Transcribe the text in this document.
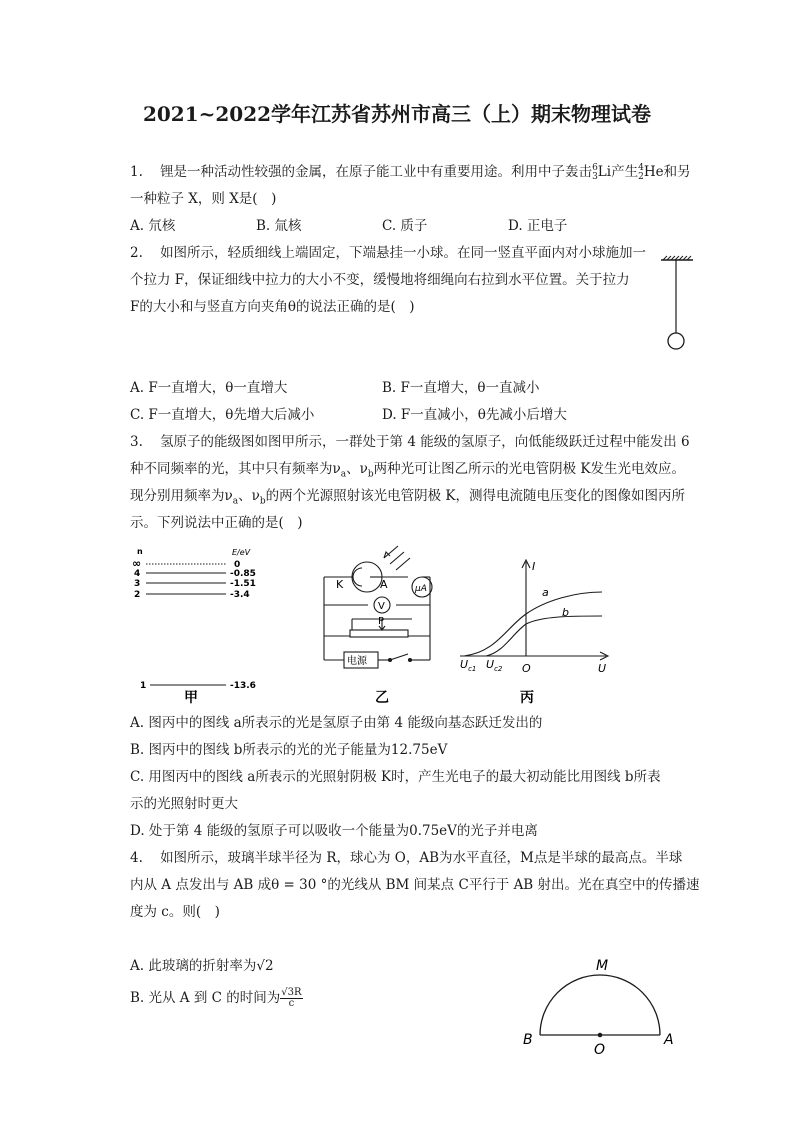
2021~2022学年江苏省苏州市高三（上）期末物理试卷
1. 锂是一种活动性较强的金属，在原子能工业中有重要用途。利用中子轰击6
3Li产生4
2He和另
一种粒子 X，则 X是(　)
A. 氘核	B. 氚核	C. 质子	D. 正电子
2. 如图所示，轻质细线上端固定，下端悬挂一小球。在同一竖直平面内对小球施加一
个拉力 F，保证细线中拉力的大小不变，缓慢地将细绳向右拉到水平位置。关于拉力
F的大小和与竖直方向夹角θ的说法正确的是(　)
A. F一直增大，θ一直增大	B. F一直增大，θ一直减小
C. F一直增大，θ先增大后减小	D. F一直减小，θ先减小后增大
3. 氢原子的能级图如图甲所示，一群处于第 4 能级的氢原子，向低能级跃迁过程中能发出 6
种不同频率的光，其中只有频率为$\nu_a$、$\nu_b$两种光可让图乙所示的光电管阴极 K发生光电效应。
现分别用频率为$\nu_a$、$\nu_b$的两个光源照射该光电管阴极 K，测得电流随电压变化的图像如图丙所
示。下列说法中正确的是(　)
n	E/eV
∞	0
4	-0.85
3	-1.51
2	-3.4
1	-13.6
甲
K	A	μA
V
P
电源
乙
I
U
O
a
b
$U_{c1}$ $U_{c2}$
丙
A. 图丙中的图线 a所表示的光是氢原子由第 4 能级向基态跃迁发出的
B. 图丙中的图线 b所表示的光的光子能量为12.75eV
C. 用图丙中的图线 a所表示的光照射阴极 K时，产生光电子的最大初动能比用图线 b所表
示的光照射时更大
D. 处于第 4 能级的氢原子可以吸收一个能量为0.75eV的光子并电离
4. 如图所示，玻璃半球半径为 R，球心为 O，AB为水平直径，M点是半球的最高点。半球
内从 A 点发出与 AB 成θ = 30 °的光线从 BM 间某点 C平行于 AB 射出。光在真空中的传播速
度为 c。则(　)
A. 此玻璃的折射率为√2
B. 光从 A 到 C 的时间为 $\frac{√3R}{c}$
M
B	A
O
